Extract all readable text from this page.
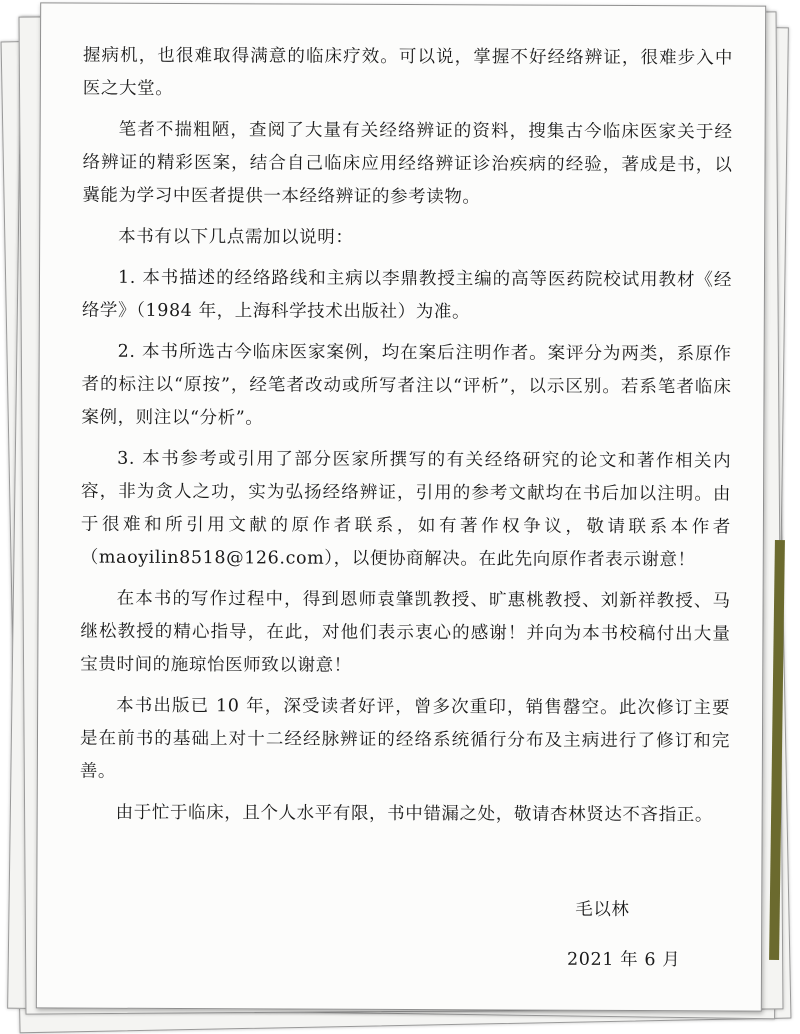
握病机，也很难取得满意的临床疗效。可以说，掌握不好经络辨证，很难步入中医之大堂。

笔者不揣粗陋，查阅了大量有关经络辨证的资料，搜集古今临床医家关于经络辨证的精彩医案，结合自己临床应用经络辨证诊治疾病的经验，著成是书，以冀能为学习中医者提供一本经络辨证的参考读物。

本书有以下几点需加以说明：

1. 本书描述的经络路线和主病以李鼎教授主编的高等医药院校试用教材《经络学》（1984 年，上海科学技术出版社）为准。

2. 本书所选古今临床医家案例，均在案后注明作者。案评分为两类，系原作者的标注以“原按”，经笔者改动或所写者注以“评析”，以示区别。若系笔者临床案例，则注以“分析”。

3. 本书参考或引用了部分医家所撰写的有关经络研究的论文和著作相关内容，非为贪人之功，实为弘扬经络辨证，引用的参考文献均在书后加以注明。由于很难和所引用文献的原作者联系，如有著作权争议，敬请联系本作者（maoyilin8518@126.com），以便协商解决。在此先向原作者表示谢意！

在本书的写作过程中，得到恩师袁肇凯教授、旷惠桃教授、刘新祥教授、马继松教授的精心指导，在此，对他们表示衷心的感谢！并向为本书校稿付出大量宝贵时间的施琼怡医师致以谢意！

本书出版已 10 年，深受读者好评，曾多次重印，销售罄空。此次修订主要是在前书的基础上对十二经经脉辨证的经络系统循行分布及主病进行了修订和完善。

由于忙于临床，且个人水平有限，书中错漏之处，敬请杏林贤达不吝指正。

毛以林
2021 年 6 月
